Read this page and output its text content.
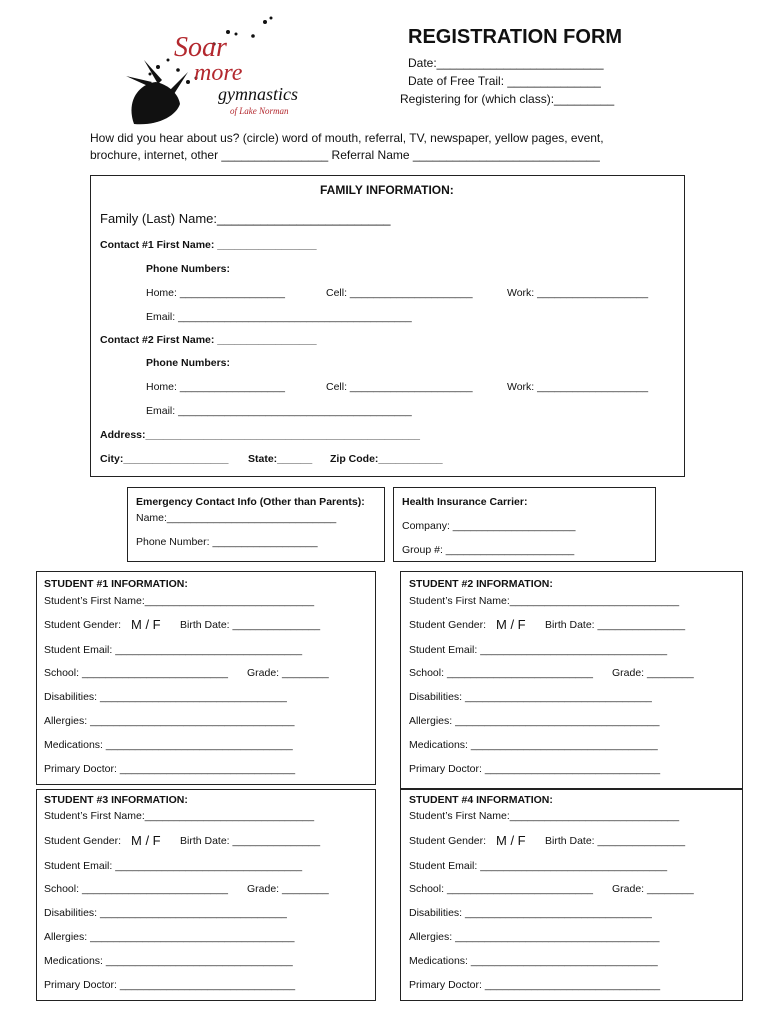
Soar
more
gymnastics
of Lake Norman
REGISTRATION FORM
Date:_________________________
Date of Free Trail: ______________
Registering for (which class):_________
How did you hear about us? (circle) word of mouth, referral, TV, newspaper, yellow pages, event,
brochure, internet, other ________________ Referral Name ____________________________
FAMILY INFORMATION:
Family (Last) Name:________________________
Contact #1 First Name: _________________
Phone Numbers:
Home: __________________	Cell: _____________________	Work: ___________________
Email: ________________________________________
Contact #2 First Name: _________________
Phone Numbers:
Home: __________________	Cell: _____________________	Work: ___________________
Email: ________________________________________
Address:_______________________________________________
City:__________________ State:______ Zip Code:___________
Emergency Contact Info (Other than Parents):
Name:_____________________________
Phone Number: __________________
Health Insurance Carrier:
Company: _____________________
Group #: ______________________
STUDENT #1 INFORMATION:
Student’s First Name:_____________________________
Student Gender: M / F Birth Date: _______________
Student Email: ________________________________
School: _________________________ Grade: ________
Disabilities: ________________________________
Allergies: ___________________________________
Medications: ________________________________
Primary Doctor: ______________________________
STUDENT #2 INFORMATION:
Student’s First Name:_____________________________
Student Gender: M / F Birth Date: _______________
Student Email: ________________________________
School: _________________________ Grade: ________
Disabilities: ________________________________
Allergies: ___________________________________
Medications: ________________________________
Primary Doctor: ______________________________
STUDENT #3 INFORMATION:
Student’s First Name:_____________________________
Student Gender: M / F Birth Date: _______________
Student Email: ________________________________
School: _________________________ Grade: ________
Disabilities: ________________________________
Allergies: ___________________________________
Medications: ________________________________
Primary Doctor: ______________________________
STUDENT #4 INFORMATION:
Student’s First Name:_____________________________
Student Gender: M / F Birth Date: _______________
Student Email: ________________________________
School: _________________________ Grade: ________
Disabilities: ________________________________
Allergies: ___________________________________
Medications: ________________________________
Primary Doctor: ______________________________
